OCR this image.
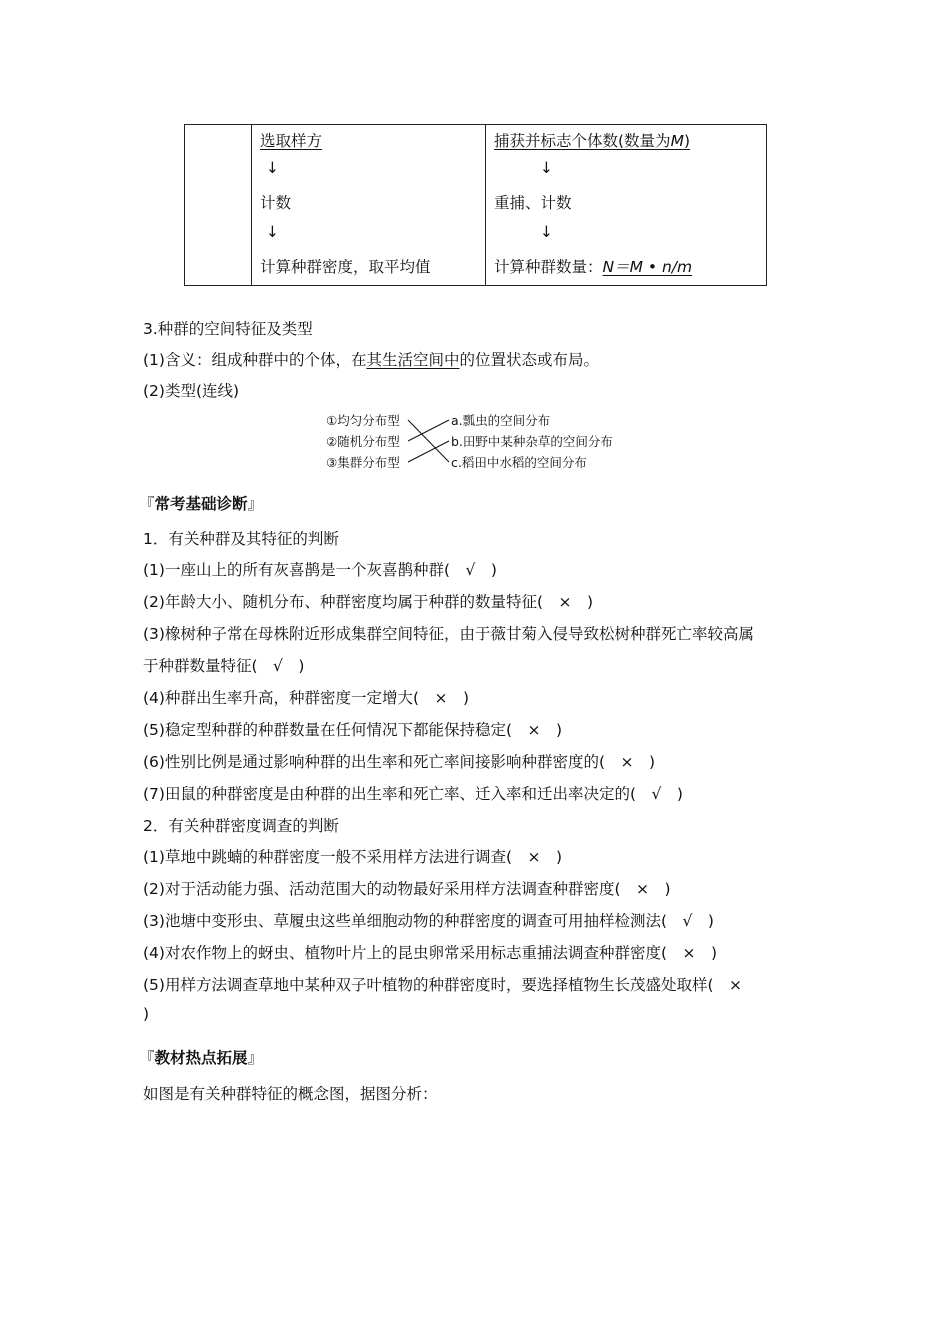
选取样方
↓
计数
↓
计算种群密度，取平均值

捕获并标志个体数(数量为M)
↓
重捕、计数
↓
计算种群数量：N＝M • n/m
3.种群的空间特征及类型
(1)含义：组成种群中的个体，在其生活空间中的位置状态或布局。
(2)类型(连线)
①均匀分布型
②随机分布型
③集群分布型
a.瓢虫的空间分布
b.田野中某种杂草的空间分布
c.稻田中水稻的空间分布
『常考基础诊断』
1．有关种群及其特征的判断
(1)一座山上的所有灰喜鹊是一个灰喜鹊种群(　√　)
(2)年龄大小、随机分布、种群密度均属于种群的数量特征(　×　)
(3)橡树种子常在母株附近形成集群空间特征，由于薇甘菊入侵导致松树种群死亡率较高属
于种群数量特征(　√　)
(4)种群出生率升高，种群密度一定增大(　×　)
(5)稳定型种群的种群数量在任何情况下都能保持稳定(　×　)
(6)性别比例是通过影响种群的出生率和死亡率间接影响种群密度的(　×　)
(7)田鼠的种群密度是由种群的出生率和死亡率、迁入率和迁出率决定的(　√　)
2．有关种群密度调查的判断
(1)草地中跳蝻的种群密度一般不采用样方法进行调查(　×　)
(2)对于活动能力强、活动范围大的动物最好采用样方法调查种群密度(　×　)
(3)池塘中变形虫、草履虫这些单细胞动物的种群密度的调查可用抽样检测法(　√　)
(4)对农作物上的蚜虫、植物叶片上的昆虫卵常采用标志重捕法调查种群密度(　×　)
(5)用样方法调查草地中某种双子叶植物的种群密度时，要选择植物生长茂盛处取样(　×
)
『教材热点拓展』
如图是有关种群特征的概念图，据图分析：
